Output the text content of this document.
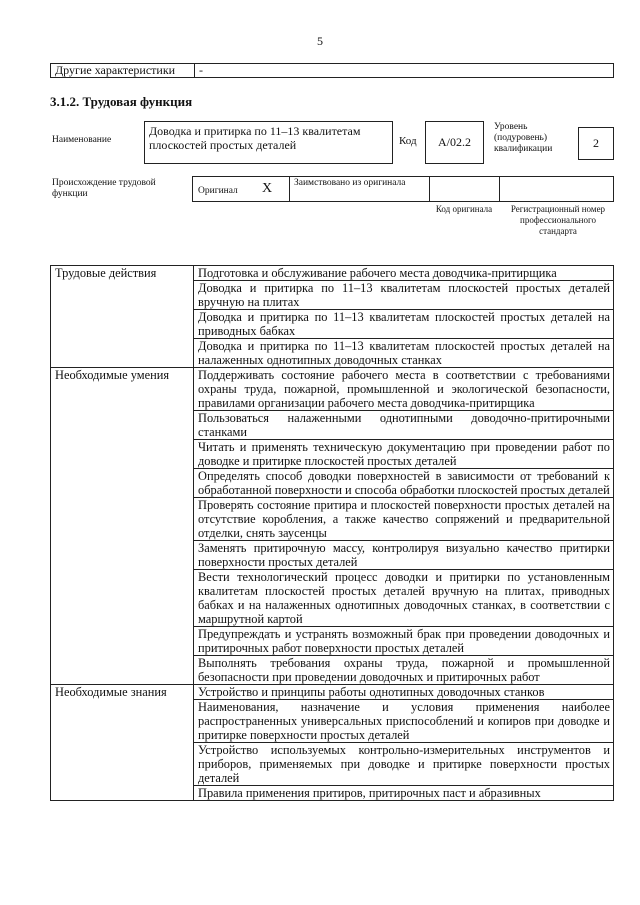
5
Другие характеристики	-
3.1.2. Трудовая функция
Наименование
Доводка и притирка по 11–13 квалитетам плоскостей простых деталей	Код	A/02.2
Уровень (подуровень) квалификации	2
Происхождение трудовой функции	Оригинал X Заимствовано из оригинала
Код оригинала	Регистрационный номер профессионального стандарта
Трудовые действия	Подготовка и обслуживание рабочего места доводчика-притирщика
	Доводка и притирка по 11–13 квалитетам плоскостей простых деталей вручную на плитах
	Доводка и притирка по 11–13 квалитетам плоскостей простых деталей на приводных бабках
	Доводка и притирка по 11–13 квалитетам плоскостей простых деталей на налаженных однотипных доводочных станках
Необходимые умения	Поддерживать состояние рабочего места в соответствии с требованиями охраны труда, пожарной, промышленной и экологической безопасности, правилами организации рабочего места доводчика-притирщика
	Пользоваться налаженными однотипными доводочно-притирочными станками
	Читать и применять техническую документацию при проведении работ по доводке и притирке плоскостей простых деталей
	Определять способ доводки поверхностей в зависимости от требований к обработанной поверхности и способа обработки плоскостей простых деталей
	Проверять состояние притира и плоскостей поверхности простых деталей на отсутствие коробления, а также качество сопряжений и предварительной отделки, снять заусенцы
	Заменять притирочную массу, контролируя визуально качество притирки поверхности простых деталей
	Вести технологический процесс доводки и притирки по установленным квалитетам плоскостей простых деталей вручную на плитах, приводных бабках и на налаженных однотипных доводочных станках, в соответствии с маршрутной картой
	Предупреждать и устранять возможный брак при проведении доводочных и притирочных работ поверхности простых деталей
	Выполнять требования охраны труда, пожарной и промышленной безопасности при проведении доводочных и притирочных работ
Необходимые знания	Устройство и принципы работы однотипных доводочных станков
	Наименования, назначение и условия применения наиболее распространенных универсальных приспособлений и копиров при доводке и притирке поверхности простых деталей
	Устройство используемых контрольно-измерительных инструментов и приборов, применяемых при доводке и притирке поверхности простых деталей
	Правила применения притиров, притирочных паст и абразивных
